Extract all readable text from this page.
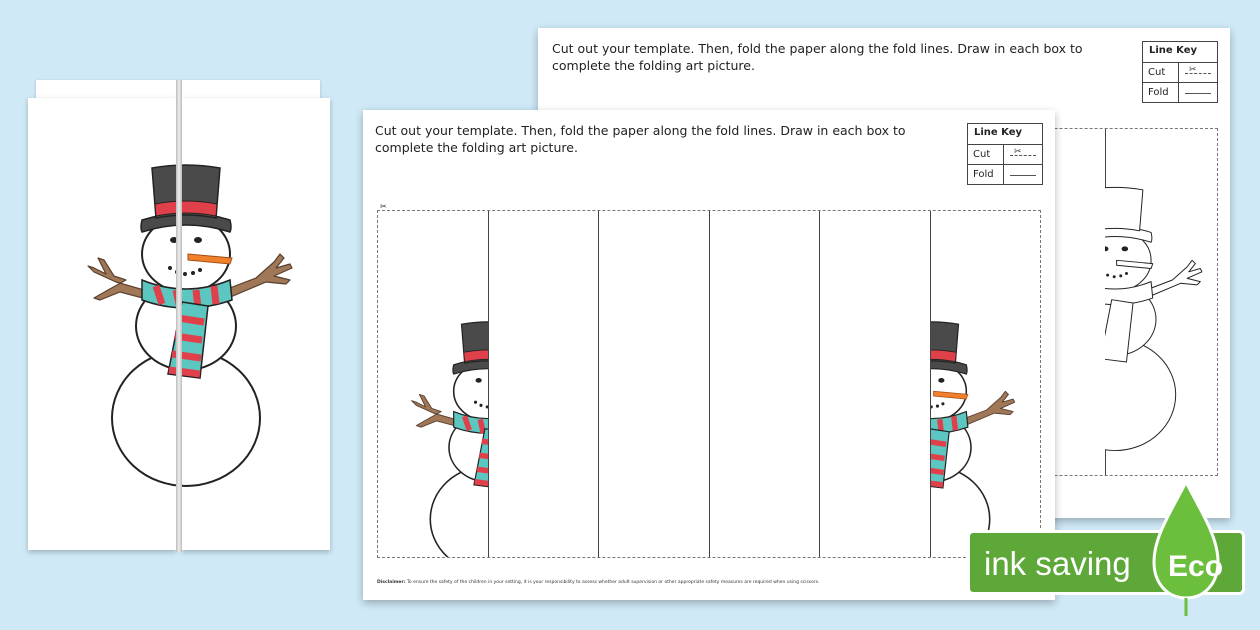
Cut out your template. Then, fold the paper along the fold lines. Draw in each box to complete the folding art picture.
Line Key
Cut	✂
Fold
Cut out your template. Then, fold the paper along the fold lines. Draw in each box to complete the folding art picture.
Line Key
Cut	✂
Fold
✂
Disclaimer: To ensure the safety of the children in your setting, it is your responsibility to assess whether adult supervision or other appropriate safety measures are required when using scissors.
ink saving Eco
